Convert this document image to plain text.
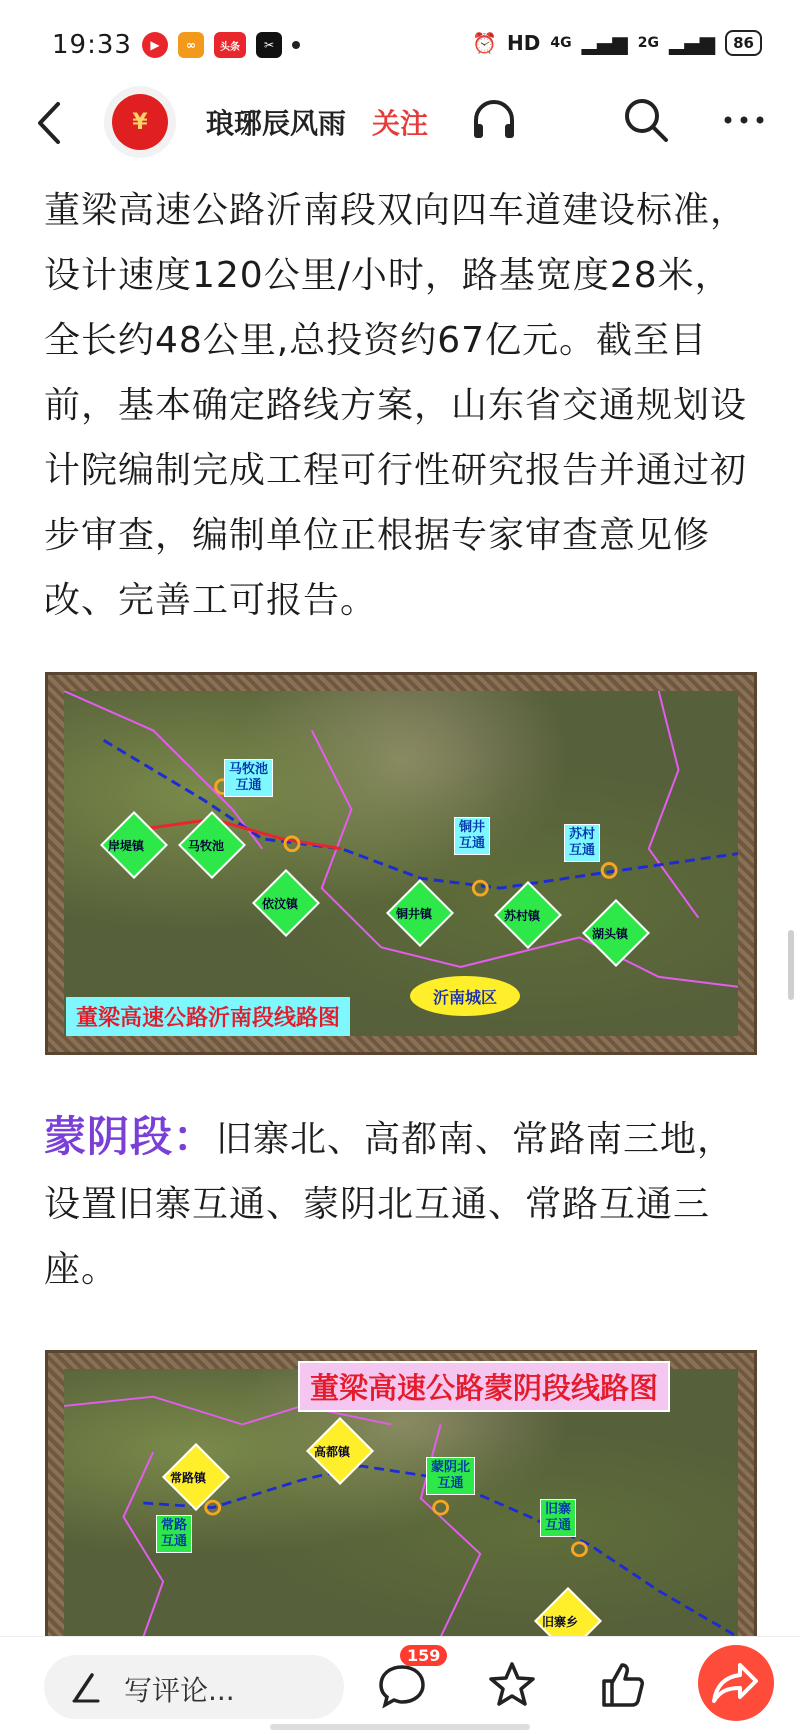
19:33	▶	∞	头条	✂	⏰ HD 4G ▂▄▆ 2G ▂▄▆	86
¥	琅琊辰风雨 关注

董梁高速公路沂南段双向四车道建设标准，设计速度120公里/小时，路基宽度28米，全长约48公里,总投资约67亿元。截至目前，基本确定路线方案，山东省交通规划设计院编制完成工程可行性研究报告并通过初步审查，编制单位正根据专家审查意见修改、完善工可报告。

马牧池
互通
铜井
互通
苏村
互通
岸堤镇	马牧池
依汶镇
铜井镇	苏村镇
湖头镇
沂南城区
董梁高速公路沂南段线路图

蒙阴段：旧寨北、高都南、常路南三地，设置旧寨互通、蒙阴北互通、常路互通三座。

蒙阴北
互通
常路
互通
旧寨
互通
常路镇
高都镇
旧寨乡
董梁高速公路蒙阴段线路图
写评论...
159
